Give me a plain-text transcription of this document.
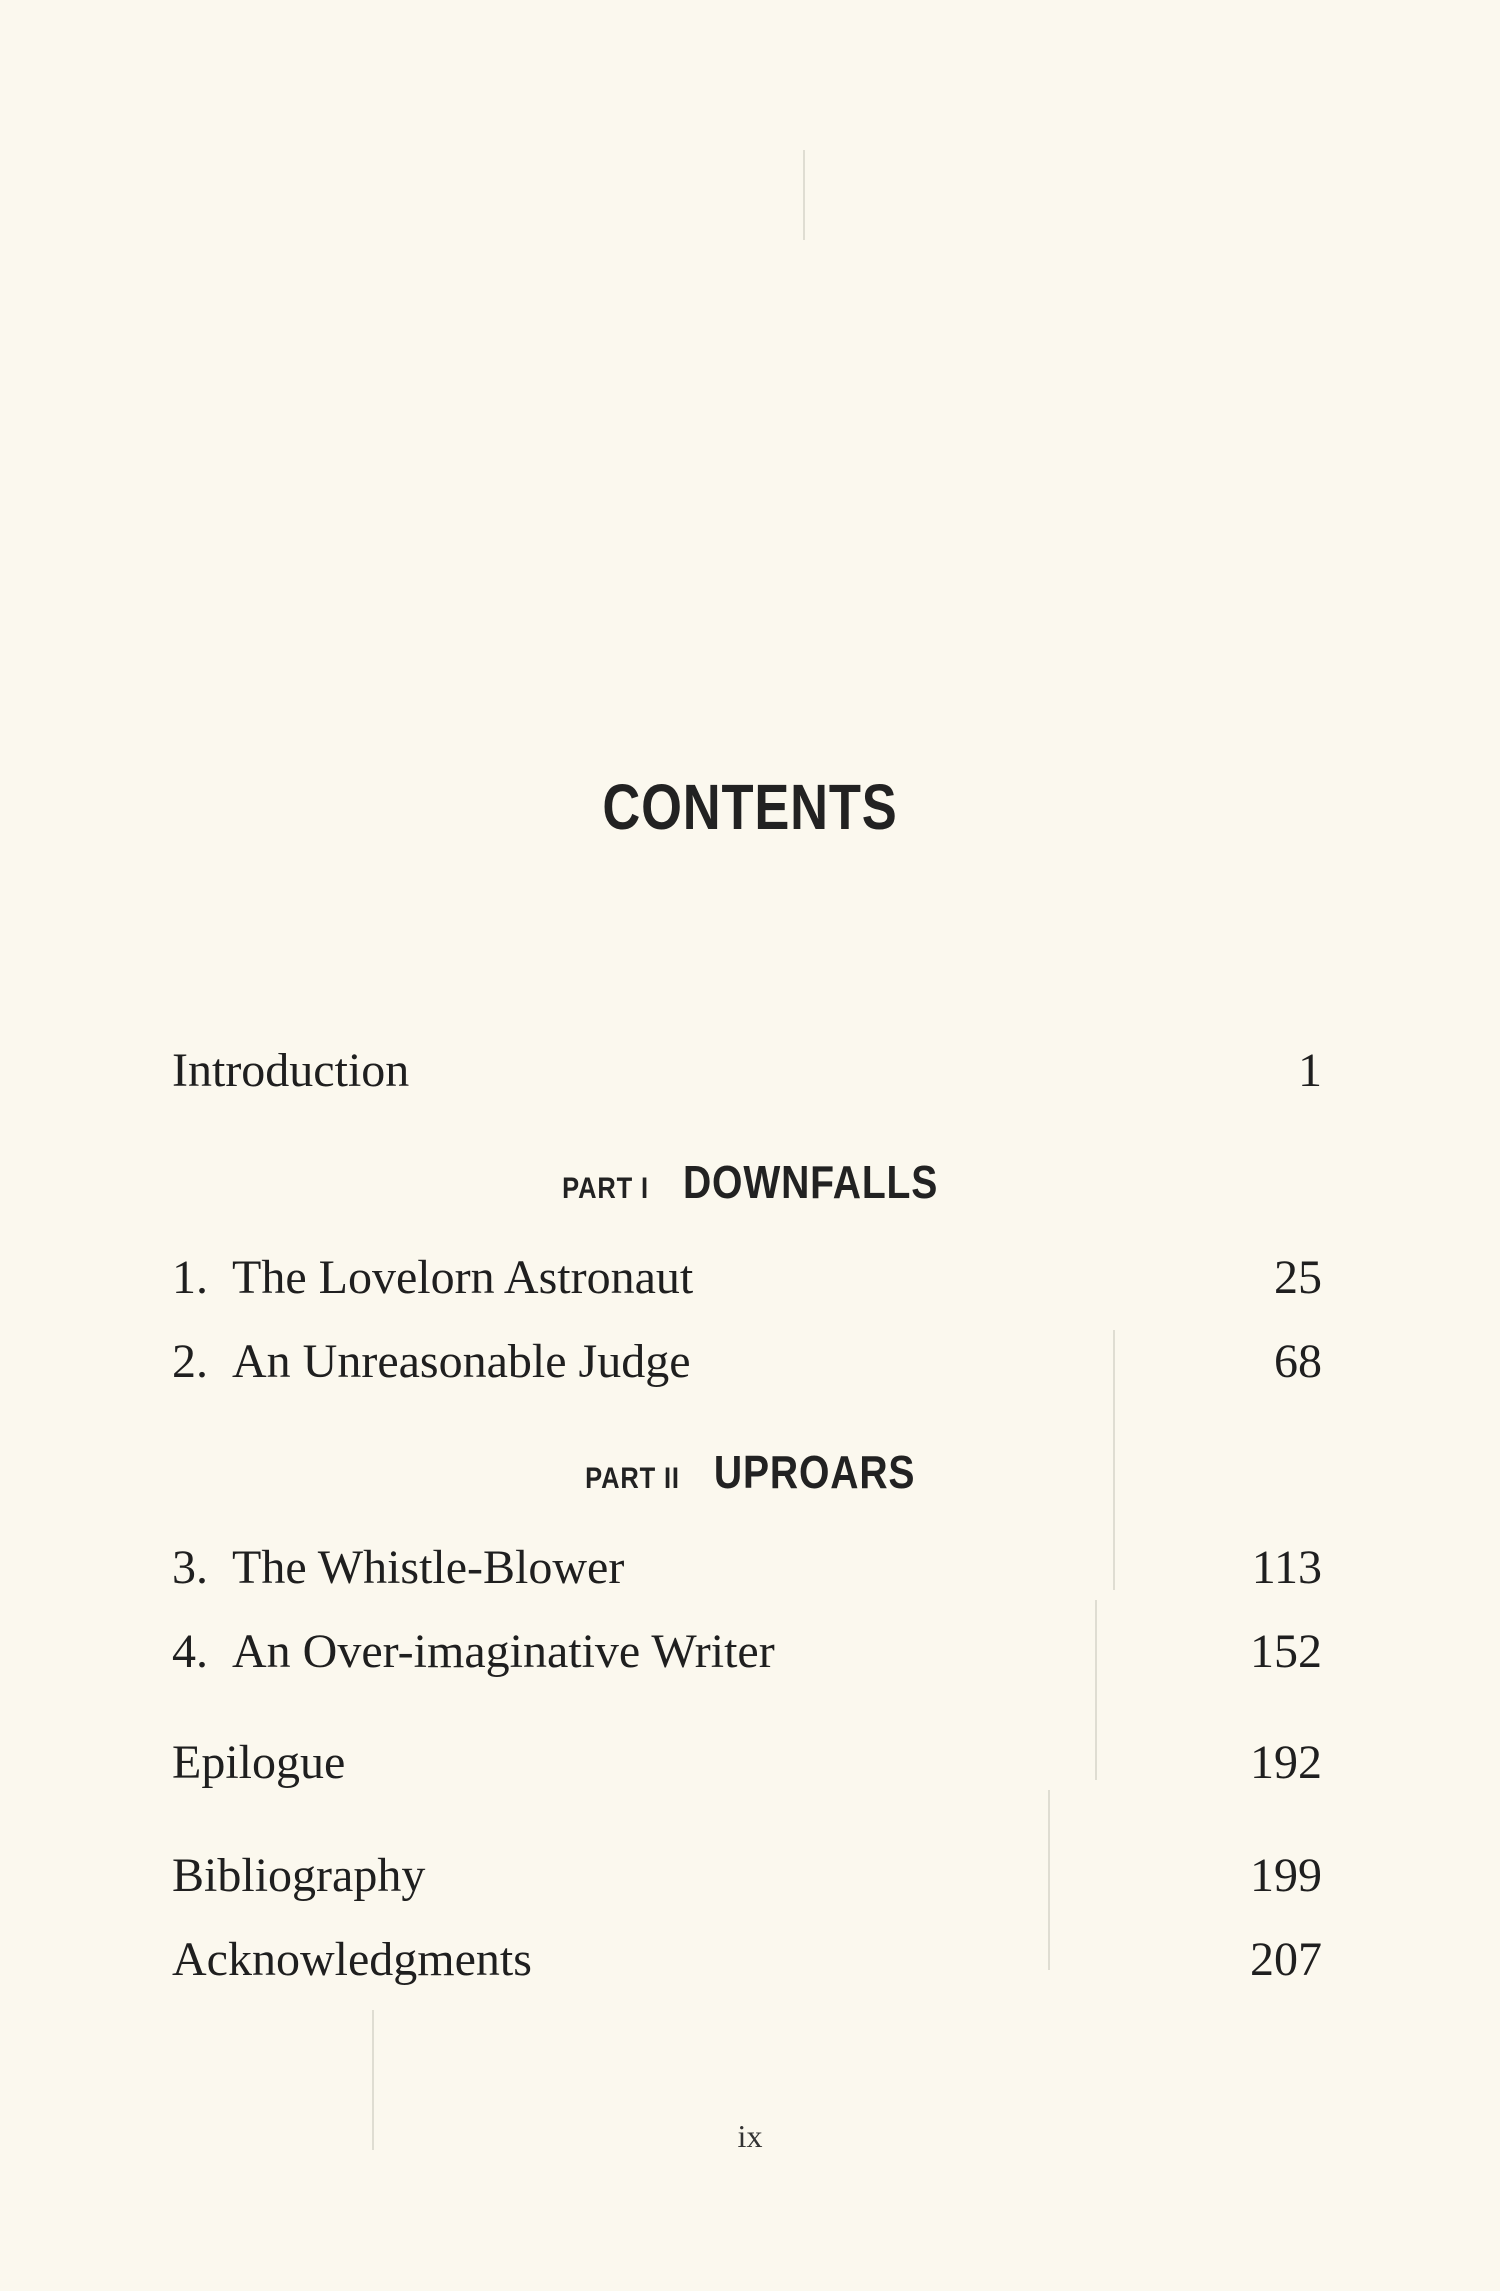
CONTENTS
Introduction	1
PART I DOWNFALLS
1. The Lovelorn Astronaut	25
2. An Unreasonable Judge	68
PART II UPROARS
3. The Whistle-Blower	113
4. An Over-imaginative Writer	152
Epilogue	192
Bibliography	199
Acknowledgments	207
ix
